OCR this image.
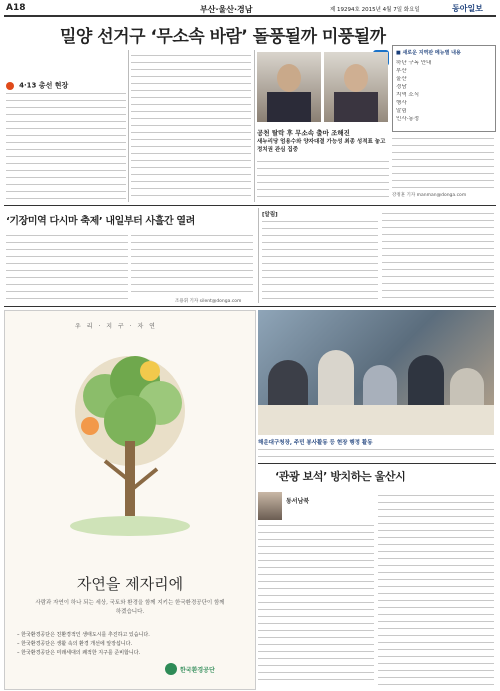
A18	부산·울산·경남	제 19294호 2015년 4월 7일 화요일	동아일보
밀양 선거구 ‘무소속 바람’ 돌풍될까 미풍될까
■ 새로운 지역판 메뉴별 내용
하단 구독 안내
부산
울산
경남
지역 소식
행사
알림
인사·동정
4·13 총선 현장
공천 탈락 후 무소속 출마 조해진
새누리당 엄용수와 양자대결 가능성 최종 성적표 놓고 정치권 관심 집중
강정훈 기자 manman@donga.com
‘기장미역 다시마 축제’ 내일부터 사흘간 열려
조용휘 기자 silent@donga.com
[알림]
우 리 · 지 구 · 자 연
자연을 제자리에
사람과 자연이 하나 되는 세상, 국토와 환경을 함께 지키는 한국환경공단이 함께하겠습니다.
– 한국환경공단은 친환경적인 생태도시를 추진하고 있습니다.
– 한국환경공단은 생활 속의 환경 개선에 앞장섭니다.
– 한국환경공단은 미래세대의 쾌적한 지구를 준비합니다.
한국환경공단
해운대구청장, 주민 봉사활동 등 현장 행정 활동
‘관광 보석’ 방치하는 울산시
동서남북
